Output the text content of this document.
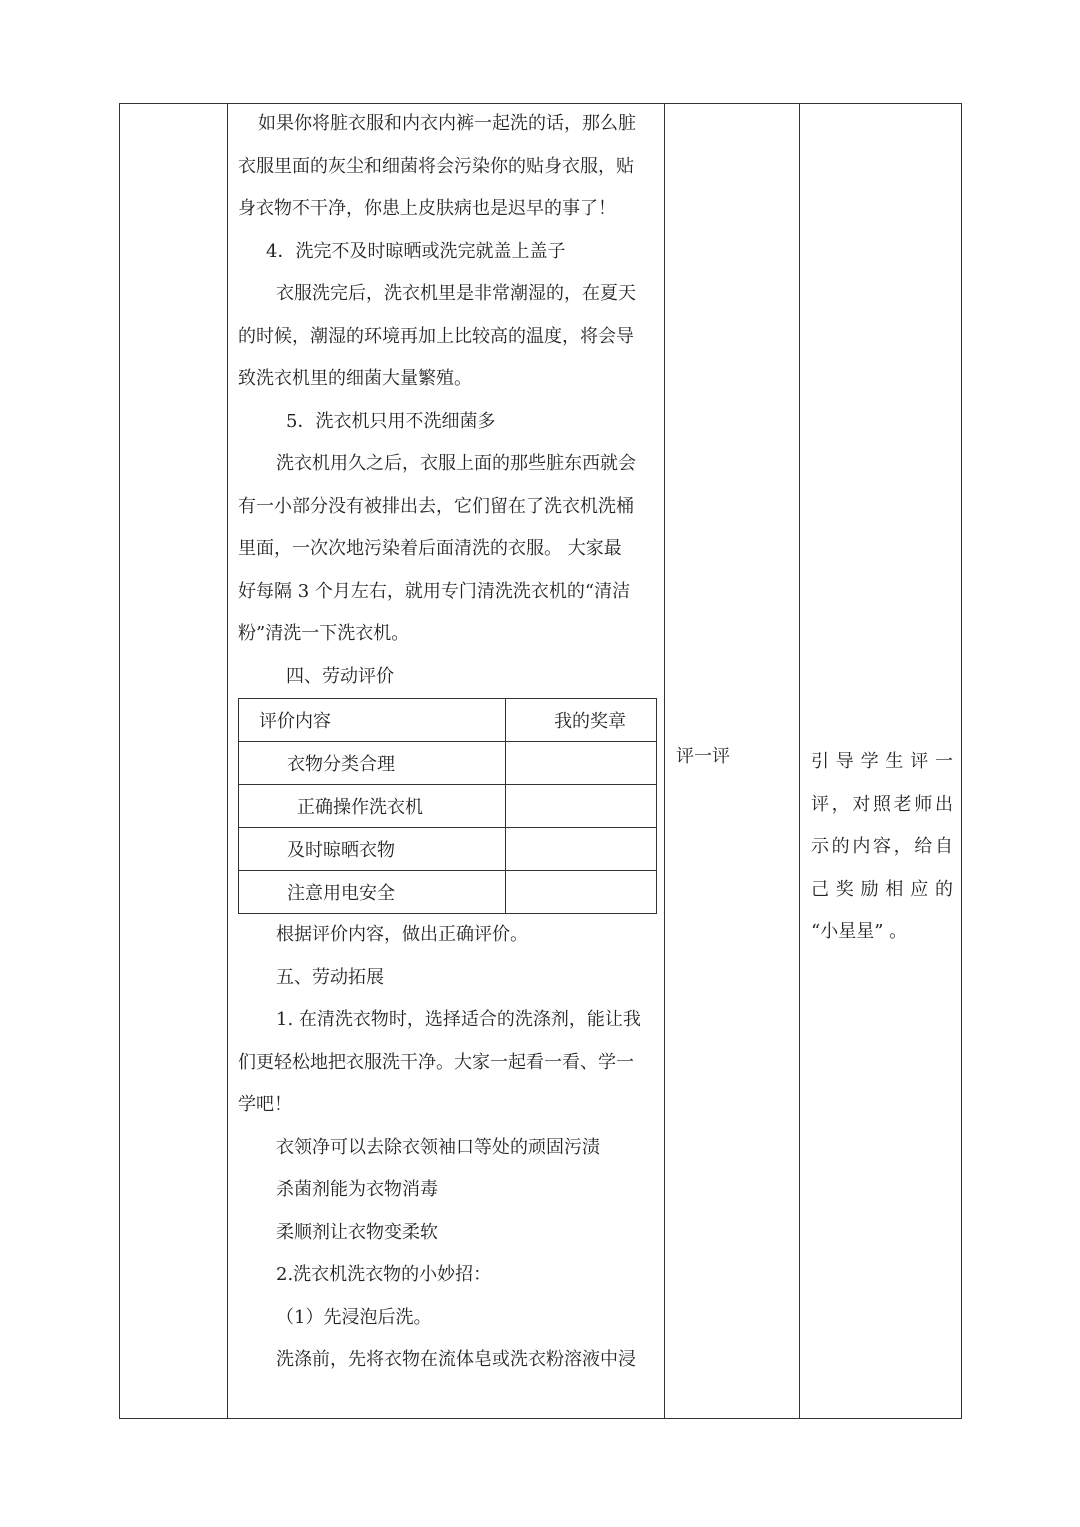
如果你将脏衣服和内衣内裤一起洗的话，那么脏

衣服里面的灰尘和细菌将会污染你的贴身衣服，贴

身衣物不干净，你患上皮肤病也是迟早的事了！

4．洗完不及时晾晒或洗完就盖上盖子

衣服洗完后，洗衣机里是非常潮湿的，在夏天

的时候，潮湿的环境再加上比较高的温度，将会导

致洗衣机里的细菌大量繁殖。

5．洗衣机只用不洗细菌多

洗衣机用久之后，衣服上面的那些脏东西就会

有一小部分没有被排出去，它们留在了洗衣机洗桶

里面，一次次地污染着后面清洗的衣服。 大家最

好每隔 3 个月左右，就用专门清洗洗衣机的“清洁

粉”清洗一下洗衣机。

四、劳动评价

评价内容	我的奖章
衣物分类合理	
正确操作洗衣机	
及时晾晒衣物	
注意用电安全	

根据评价内容，做出正确评价。

五、劳动拓展

1. 在清洗衣物时，选择适合的洗涤剂，能让我

们更轻松地把衣服洗干净。大家一起看一看、学一

学吧！

衣领净可以去除衣领袖口等处的顽固污渍

杀菌剂能为衣物消毒

柔顺剂让衣物变柔软

2.洗衣机洗衣物的小妙招：

（1）先浸泡后洗。

洗涤前，先将衣物在流体皂或洗衣粉溶液中浸

评一评	引导学生评一
评，对照老师出
示的内容，给自
己奖励相应的
“小星星” 。
